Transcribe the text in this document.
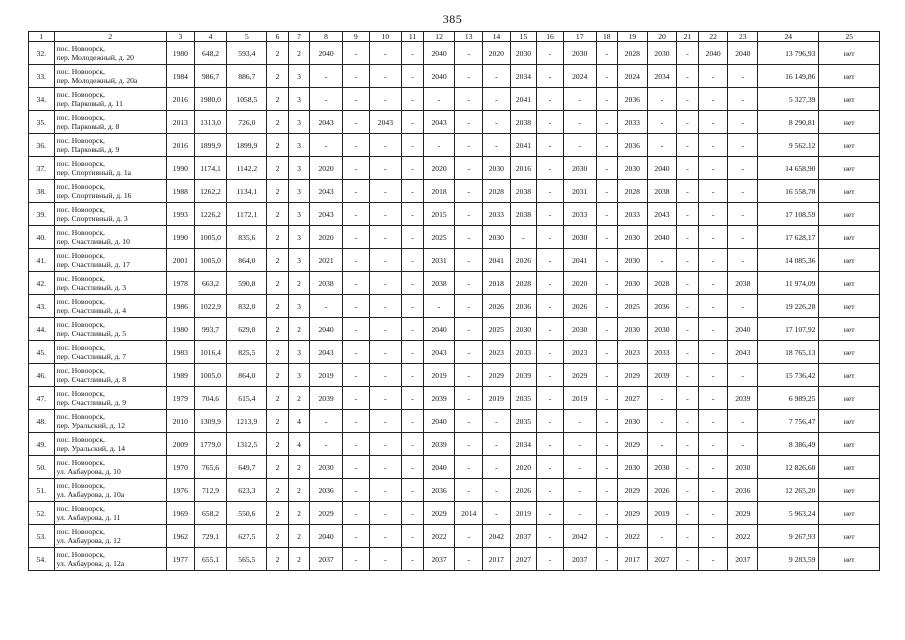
385
1	2	3	4	5	6	7	8	9	10	11	12	13	14	15	16	17	18	19	20	21	22	23	24	25
32.	пос. Новоорск,
пер. Молодежный, д. 20	1980	648,2	593,4	2	2	2040	-	-	-	2040	-	2020	2030	-	2030	-	2028	2030	-	2040	2040	13 796,93	нет
33.	пос. Новоорск,
пер. Молодежный, д. 20а	1984	986,7	886,7	2	3	-	-	-	-	2040	-	-	2034	-	2024	-	2024	2034	-	-	-	16 149,86	нет
34.	пос. Новоорск,
пер. Парковый, д. 11	2016	1980,0	1058,5	2	3	-	-	-	-	-	-	-	2041	-	-	-	2036	-	-	-	-	5 327,39	нет
35.	пос. Новоорск,
пер. Парковый, д. 8	2013	1313,0	726,0	2	3	2043	-	2043	-	2043	-	-	2038	-	-	-	2033	-	-	-	-	8 290,81	нет
36.	пос. Новоорск,
пер. Парковый, д. 9	2016	1899,9	1899,9	2	3	-	-	-	-	-	-	-	2041	-	-	-	2036	-	-	-	-	9 562,12	нет
37.	пос. Новоорск,
пер. Спортивный, д. 1а	1990	1174,1	1142,2	2	3	2020	-	-	-	2020	-	2030	2016	-	2030	-	2030	2040	-	-	-	14 658,90	нет
38.	пос. Новоорск,
пер. Спортивный, д. 16	1988	1262,2	1134,1	2	3	2043	-	-	-	2018	-	2028	2038	-	2031	-	2028	2038	-	-	-	16 558,78	нет
39.	пос. Новоорск,
пер. Спортивный, д. 3	1993	1226,2	1172,1	2	3	2043	-	-	-	2015	-	2033	2038	-	2033	-	2033	2043	-	-	-	17 108,59	нет
40.	пос. Новоорск,
пер. Счастливый, д. 10	1990	1005,0	835,6	2	3	2020	-	-	-	2025	-	2030	-	-	2030	-	2030	2040	-	-	-	17 628,17	нет
41.	пос. Новоорск,
пер. Счастливый, д. 17	2001	1005,0	864,0	2	3	2021	-	-	-	2031	-	2041	2026	-	2041	-	2030	-	-	-	-	14 085,36	нет
42.	пос. Новоорск,
пер. Счастливый, д. 3	1978	663,2	590,8	2	2	2038	-	-	-	2038	-	2018	2028	-	2020	-	2030	2028	-	-	2038	11 974,09	нет
43.	пос. Новоорск,
пер. Счастливый, д. 4	1986	1022,9	832,0	2	3	-	-	-	-	-	-	2026	2036	-	2026	-	2025	2036	-	-	-	19 226,28	нет
44.	пос. Новоорск,
пер. Счастливый, д. 5	1980	993,7	629,0	2	2	2040	-	-	-	2040	-	2025	2030	-	2030	-	2030	2030	-	-	2040	17 107,92	нет
45.	пос. Новоорск,
пер. Счастливый, д. 7	1983	1016,4	825,5	2	3	2043	-	-	-	2043	-	2023	2033	-	2023	-	2023	2033	-	-	2043	18 765,13	нет
46.	пос. Новоорск,
пер. Счастливый, д. 8	1989	1005,0	864,0	2	3	2019	-	-	-	2019	-	2029	2039	-	2029	-	2029	2039	-	-	-	15 736,42	нет
47.	пос. Новоорск,
пер. Счастливый, д. 9	1979	704,6	615,4	2	2	2039	-	-	-	2039	-	2019	2035	-	2019	-	2027	-	-	-	2039	6 989,25	нет
48.	пос. Новоорск,
пер. Уральский, д. 12	2010	1309,9	1213,9	2	4	-	-	-	-	2040	-	-	2035	-	-	-	2030	-	-	-	-	7 756,47	нет
49.	пос. Новоорск,
пер. Уральский, д. 14	2009	1779,0	1312,5	2	4	-	-	-	-	2039	-	-	2034	-	-	-	2029	-	-	-	-	8 386,49	нет
50.	пос. Новоорск,
ул. Акбаурова, д. 10	1970	765,6	649,7	2	2	2030	-	-	-	2040	-	-	2020	-	-	-	2030	2030	-	-	2030	12 826,60	нет
51.	пос. Новоорск,
ул. Акбаурова, д. 10а	1976	712,9	623,3	2	2	2036	-	-	-	2036	-	-	2026	-	-	-	2029	2026	-	-	2036	12 265,20	нет
52.	пос. Новоорск,
ул. Акбаурова, д. 11	1969	658,2	550,6	2	2	2029	-	-	-	2029	2014	-	2019	-	-	-	2029	2019	-	-	2029	5 963,24	нет
53.	пос. Новоорск,
ул. Акбаурова, д. 12	1962	729,1	627,5	2	2	2040	-	-	-	2022	-	2042	2037	-	2042	-	2022	-	-	-	2022	9 267,93	нет
54.	пос. Новоорск,
ул. Акбаурова, д. 12а	1977	655,1	565,5	2	2	2037	-	-	-	2037	-	2017	2027	-	2037	-	2017	2027	-	-	2037	9 283,59	нет
